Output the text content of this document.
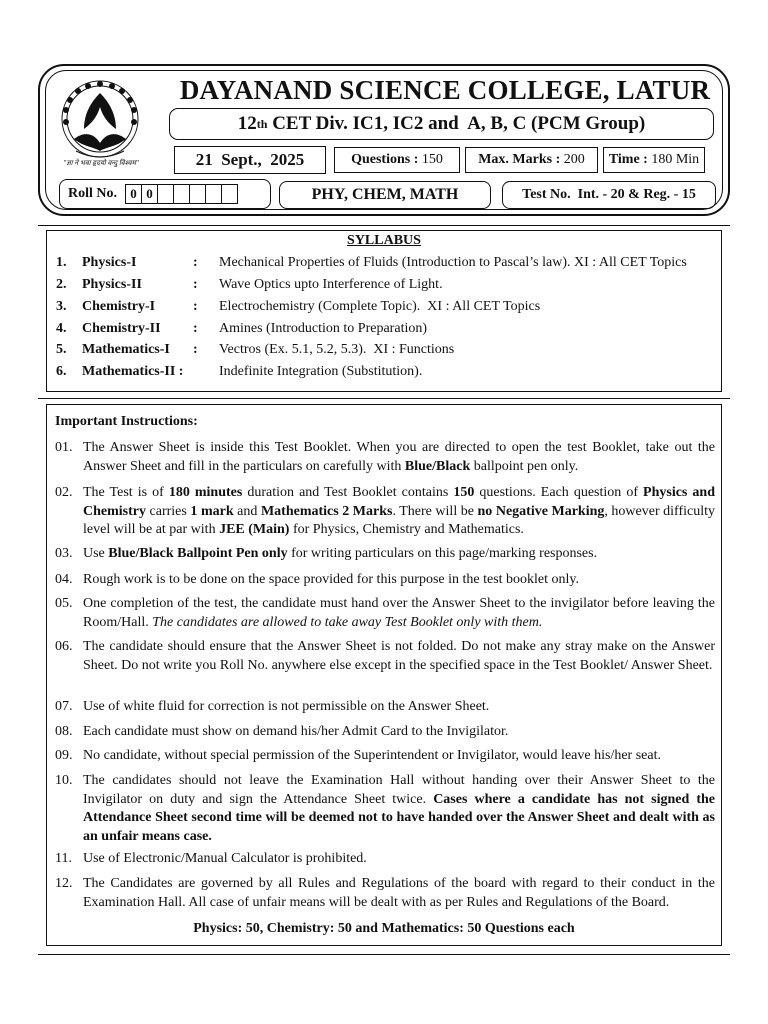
"ज्ञा ने भवा हृदयो वन्दु विश्वम"
DAYANAND SCIENCE COLLEGE, LATUR
12 th CET Div. IC1, IC2 and  A, B, C (PCM Group)
21  Sept.,  2025	Questions : 150	Max. Marks : 200 Time : 180 Min
Roll No.	0 0	PHY, CHEM, MATH	Test No.  Int. - 20 & Reg. - 15
SYLLABUS
1. Physics-I	: Mechanical Properties of Fluids (Introduction to Pascal’s law). XI : All CET Topics
2. Physics-II	: Wave Optics upto Interference of Light.
3. Chemistry-I	: Electrochemistry (Complete Topic).  XI : All CET Topics
4. Chemistry-II : Amines (Introduction to Preparation)
5. Mathematics-I : Vectros (Ex. 5.1, 5.2, 5.3).  XI : Functions
6. Mathematics-II :	Indefinite Integration (Substitution).
Important Instructions:
01. The Answer Sheet is inside this Test Booklet. When you are directed to open the test Booklet, take out the Answer Sheet and fill in the particulars on carefully with Blue/Black ballpoint pen only.
02. The Test is of 180 minutes duration and Test Booklet contains 150 questions. Each question of Physics and Chemistry carries 1 mark and Mathematics 2 Marks. There will be no Negative Marking, however difficulty level will be at par with JEE (Main) for Physics, Chemistry and Mathematics.
03. Use Blue/Black Ballpoint Pen only for writing particulars on this page/marking responses.
04. Rough work is to be done on the space provided for this purpose in the test booklet only.
05. One completion of the test, the candidate must hand over the Answer Sheet to the invigilator before leaving the Room/Hall. The candidates are allowed to take away Test Booklet only with them.
06. The candidate should ensure that the Answer Sheet is not folded. Do not make any stray make on the Answer Sheet. Do not write you Roll No. anywhere else except in the specified space in the Test Booklet/ Answer Sheet.
07. Use of white fluid for correction is not permissible on the Answer Sheet.
08. Each candidate must show on demand his/her Admit Card to the Invigilator.
09. No candidate, without special permission of the Superintendent or Invigilator, would leave his/her seat.
10. The candidates should not leave the Examination Hall without handing over their Answer Sheet to the Invigilator on duty and sign the Attendance Sheet twice. Cases where a candidate has not signed the Attendance Sheet second time will be deemed not to have handed over the Answer Sheet and dealt with as an unfair means case.
11. Use of Electronic/Manual Calculator is prohibited.
12. The Candidates are governed by all Rules and Regulations of the board with regard to their conduct in the Examination Hall. All case of unfair means will be dealt with as per Rules and Regulations of the Board.
Physics: 50, Chemistry: 50 and Mathematics: 50 Questions each
